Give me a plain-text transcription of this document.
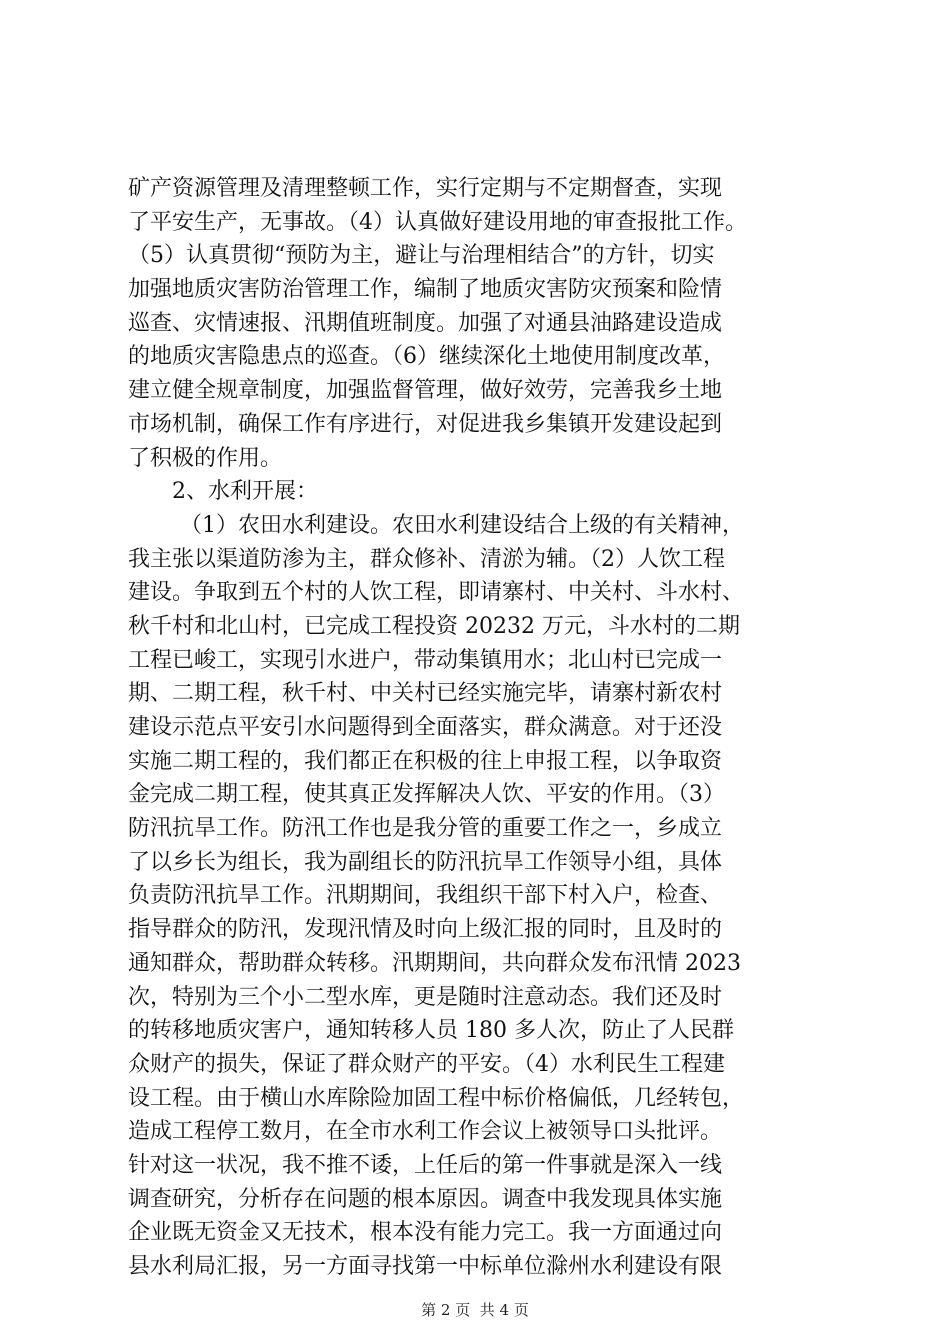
矿产资源管理及清理整顿工作，实行定期与不定期督查，实现
了平安生产，无事故。（4）认真做好建设用地的审查报批工作。
（5）认真贯彻“预防为主，避让与治理相结合”的方针，切实
加强地质灾害防治管理工作，编制了地质灾害防灾预案和险情
巡查、灾情速报、汛期值班制度。加强了对通县油路建设造成
的地质灾害隐患点的巡查。（6）继续深化土地使用制度改革，
建立健全规章制度，加强监督管理，做好效劳，完善我乡土地
市场机制，确保工作有序进行，对促进我乡集镇开发建设起到
了积极的作用。
2、水利开展：
（1）农田水利建设。农田水利建设结合上级的有关精神，
我主张以渠道防渗为主，群众修补、清淤为辅。（2）人饮工程
建设。争取到五个村的人饮工程，即请寨村、中关村、斗水村、
秋千村和北山村，已完成工程投资 20232 万元，斗水村的二期
工程已峻工，实现引水进户，带动集镇用水；北山村已完成一
期、二期工程，秋千村、中关村已经实施完毕，请寨村新农村
建设示范点平安引水问题得到全面落实，群众满意。对于还没
实施二期工程的，我们都正在积极的往上申报工程，以争取资
金完成二期工程，使其真正发挥解决人饮、平安的作用。（3）
防汛抗旱工作。防汛工作也是我分管的重要工作之一，乡成立
了以乡长为组长，我为副组长的防汛抗旱工作领导小组，具体
负责防汛抗旱工作。汛期期间，我组织干部下村入户，检查、
指导群众的防汛，发现汛情及时向上级汇报的同时，且及时的
通知群众，帮助群众转移。汛期期间，共向群众发布汛情 2023
次，特别为三个小二型水库，更是随时注意动态。我们还及时
的转移地质灾害户，通知转移人员 180 多人次，防止了人民群
众财产的损失，保证了群众财产的平安。（4）水利民生工程建
设工程。由于横山水库除险加固工程中标价格偏低，几经转包，
造成工程停工数月，在全市水利工作会议上被领导口头批评。
针对这一状况，我不推不诿，上任后的第一件事就是深入一线
调查研究，分析存在问题的根本原因。调查中我发现具体实施
企业既无资金又无技术，根本没有能力完工。我一方面通过向
县水利局汇报，另一方面寻找第一中标单位滁州水利建设有限
第 2 页  共 4 页
